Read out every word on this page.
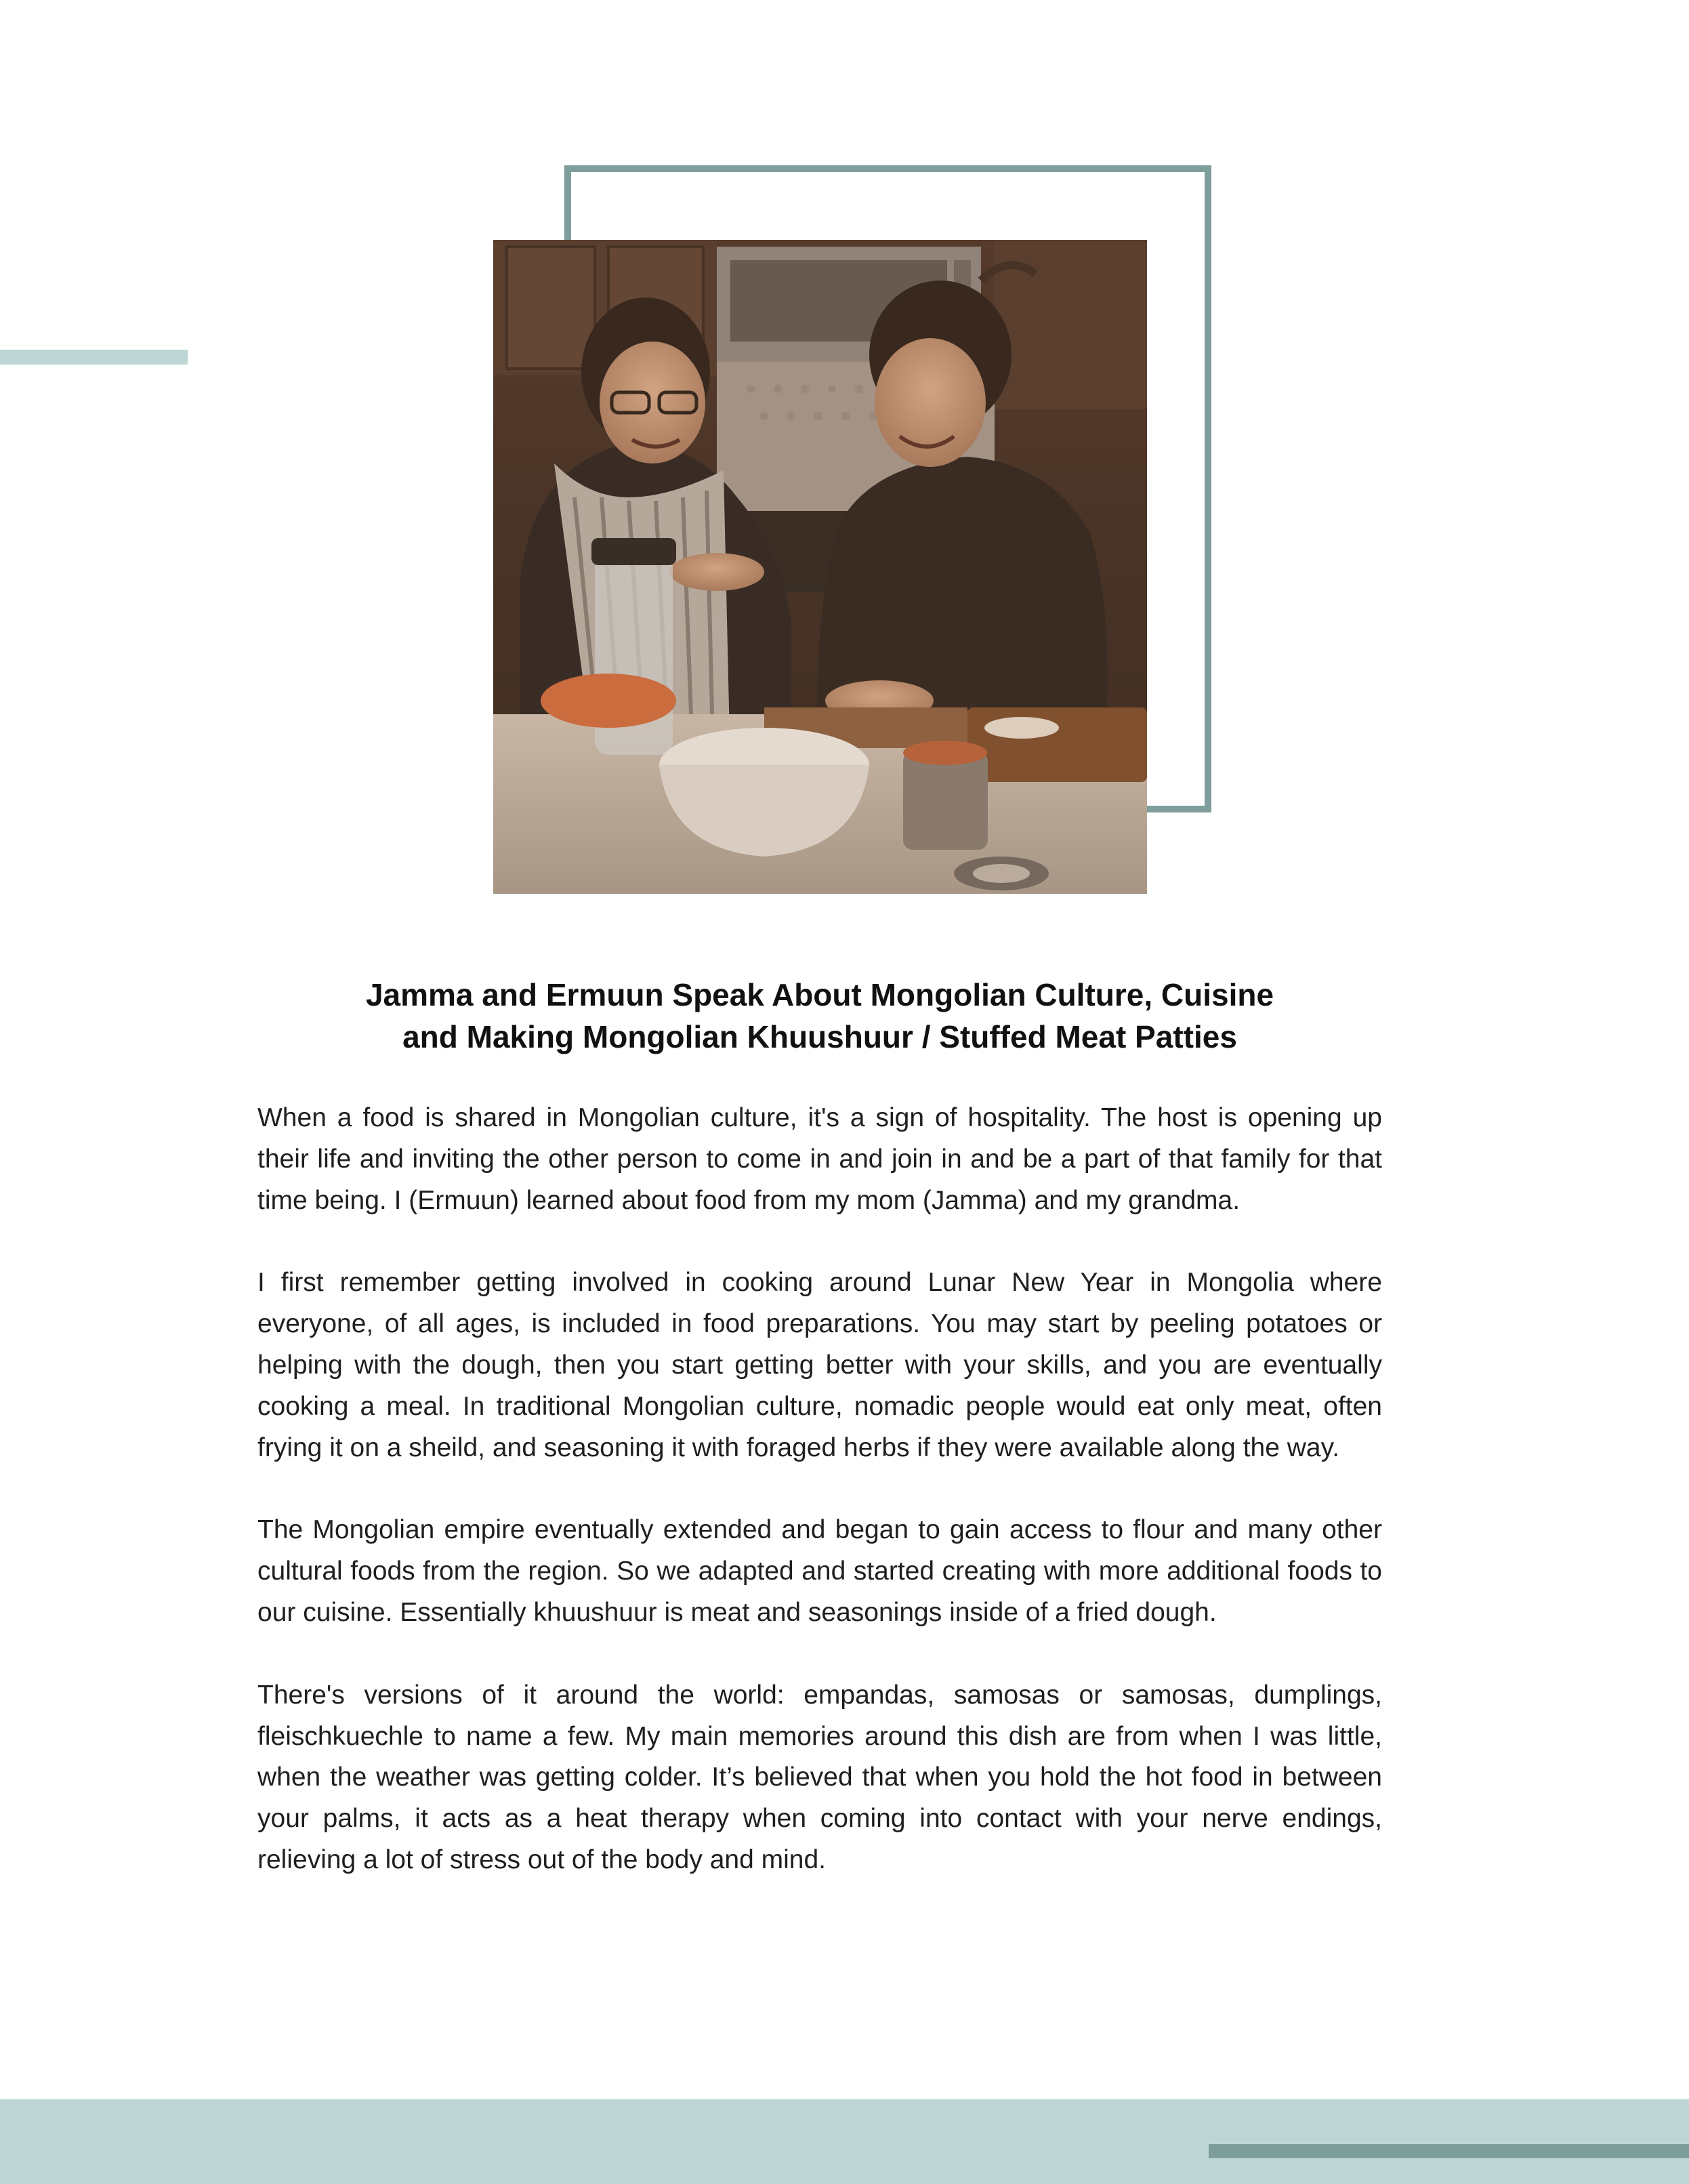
Jamma and Ermuun Speak About Mongolian Culture, Cuisine
and Making Mongolian Khuushuur / Stuffed Meat Patties

When a food is shared in Mongolian culture, it's a sign of hospitality. The host is opening up their life and inviting the other person to come in and join in and be a part of that family for that time being. I (Ermuun) learned about food from my mom (Jamma) and my grandma.

I first remember getting involved in cooking around Lunar New Year in Mongolia where everyone, of all ages, is included in food preparations. You may start by peeling potatoes or helping with the dough, then you start getting better with your skills, and you are eventually cooking a meal. In traditional Mongolian culture, nomadic people would eat only meat, often frying it on a sheild, and seasoning it with foraged herbs if they were available along the way.

The Mongolian empire eventually extended and began to gain access to flour and many other cultural foods from the region. So we adapted and started creating with more additional foods to our cuisine. Essentially khuushuur is meat and seasonings inside of a fried dough.

There's versions of it around the world: empandas, samosas or samosas, dumplings, fleischkuechle to name a few. My main memories around this dish are from when I was little, when the weather was getting colder. It’s believed that when you hold the hot food in between your palms, it acts as a heat therapy when coming into contact with your nerve endings, relieving a lot of stress out of the body and mind.
